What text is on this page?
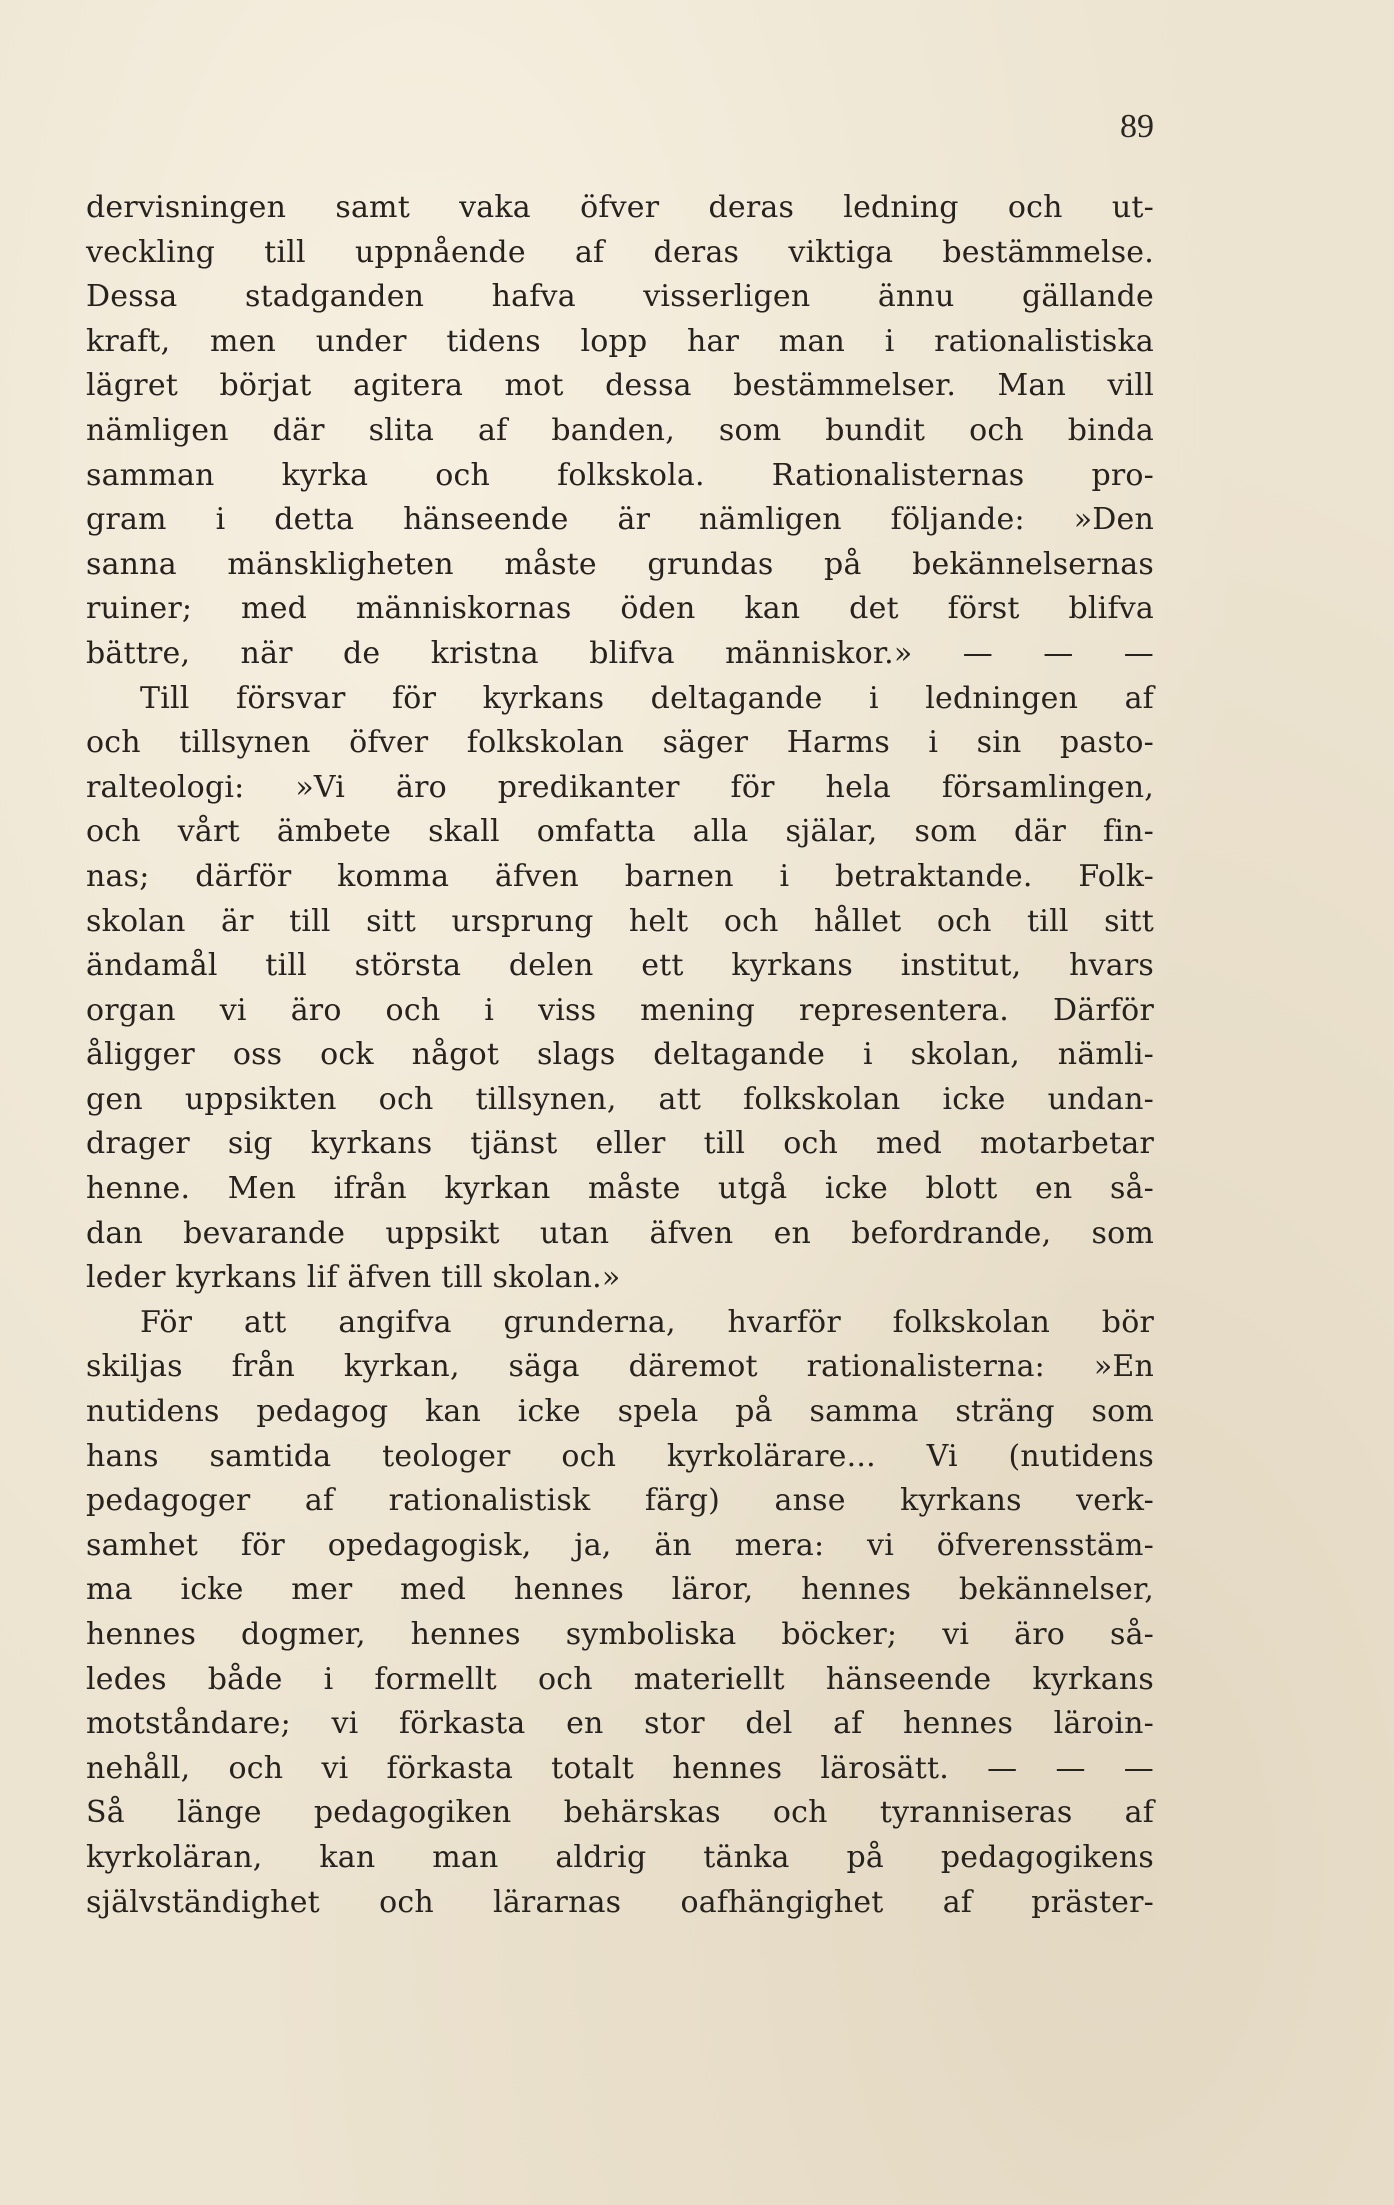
89
dervisningen samt vaka öfver deras ledning och ut-
veckling till uppnående af deras viktiga bestämmelse.
Dessa stadganden hafva visserligen ännu gällande
kraft, men under tidens lopp har man i rationalistiska
lägret börjat agitera mot dessa bestämmelser. Man vill
nämligen där slita af banden, som bundit och binda
samman kyrka och folkskola. Rationalisternas pro-
gram i detta hänseende är nämligen följande: »Den
sanna mänskligheten måste grundas på bekännelsernas
ruiner; med människornas öden kan det först blifva
bättre, när de kristna blifva människor.» — — —
Till försvar för kyrkans deltagande i ledningen af
och tillsynen öfver folkskolan säger Harms i sin pasto-
ralteologi: »Vi äro predikanter för hela församlingen,
och vårt ämbete skall omfatta alla själar, som där fin-
nas; därför komma äfven barnen i betraktande. Folk-
skolan är till sitt ursprung helt och hållet och till sitt
ändamål till största delen ett kyrkans institut, hvars
organ vi äro och i viss mening representera. Därför
åligger oss ock något slags deltagande i skolan, nämli-
gen uppsikten och tillsynen, att folkskolan icke undan-
drager sig kyrkans tjänst eller till och med motarbetar
henne. Men ifrån kyrkan måste utgå icke blott en så-
dan bevarande uppsikt utan äfven en befordrande, som
leder kyrkans lif äfven till skolan.»
För att angifva grunderna, hvarför folkskolan bör
skiljas från kyrkan, säga däremot rationalisterna: »En
nutidens pedagog kan icke spela på samma sträng som
hans samtida teologer och kyrkolärare... Vi (nutidens
pedagoger af rationalistisk färg) anse kyrkans verk-
samhet för opedagogisk, ja, än mera: vi öfverensstäm-
ma icke mer med hennes läror, hennes bekännelser,
hennes dogmer, hennes symboliska böcker; vi äro så-
ledes både i formellt och materiellt hänseende kyrkans
motståndare; vi förkasta en stor del af hennes läroin-
nehåll, och vi förkasta totalt hennes lärosätt. — — —
Så länge pedagogiken behärskas och tyranniseras af
kyrkoläran, kan man aldrig tänka på pedagogikens
självständighet och lärarnas oafhängighet af präster-
